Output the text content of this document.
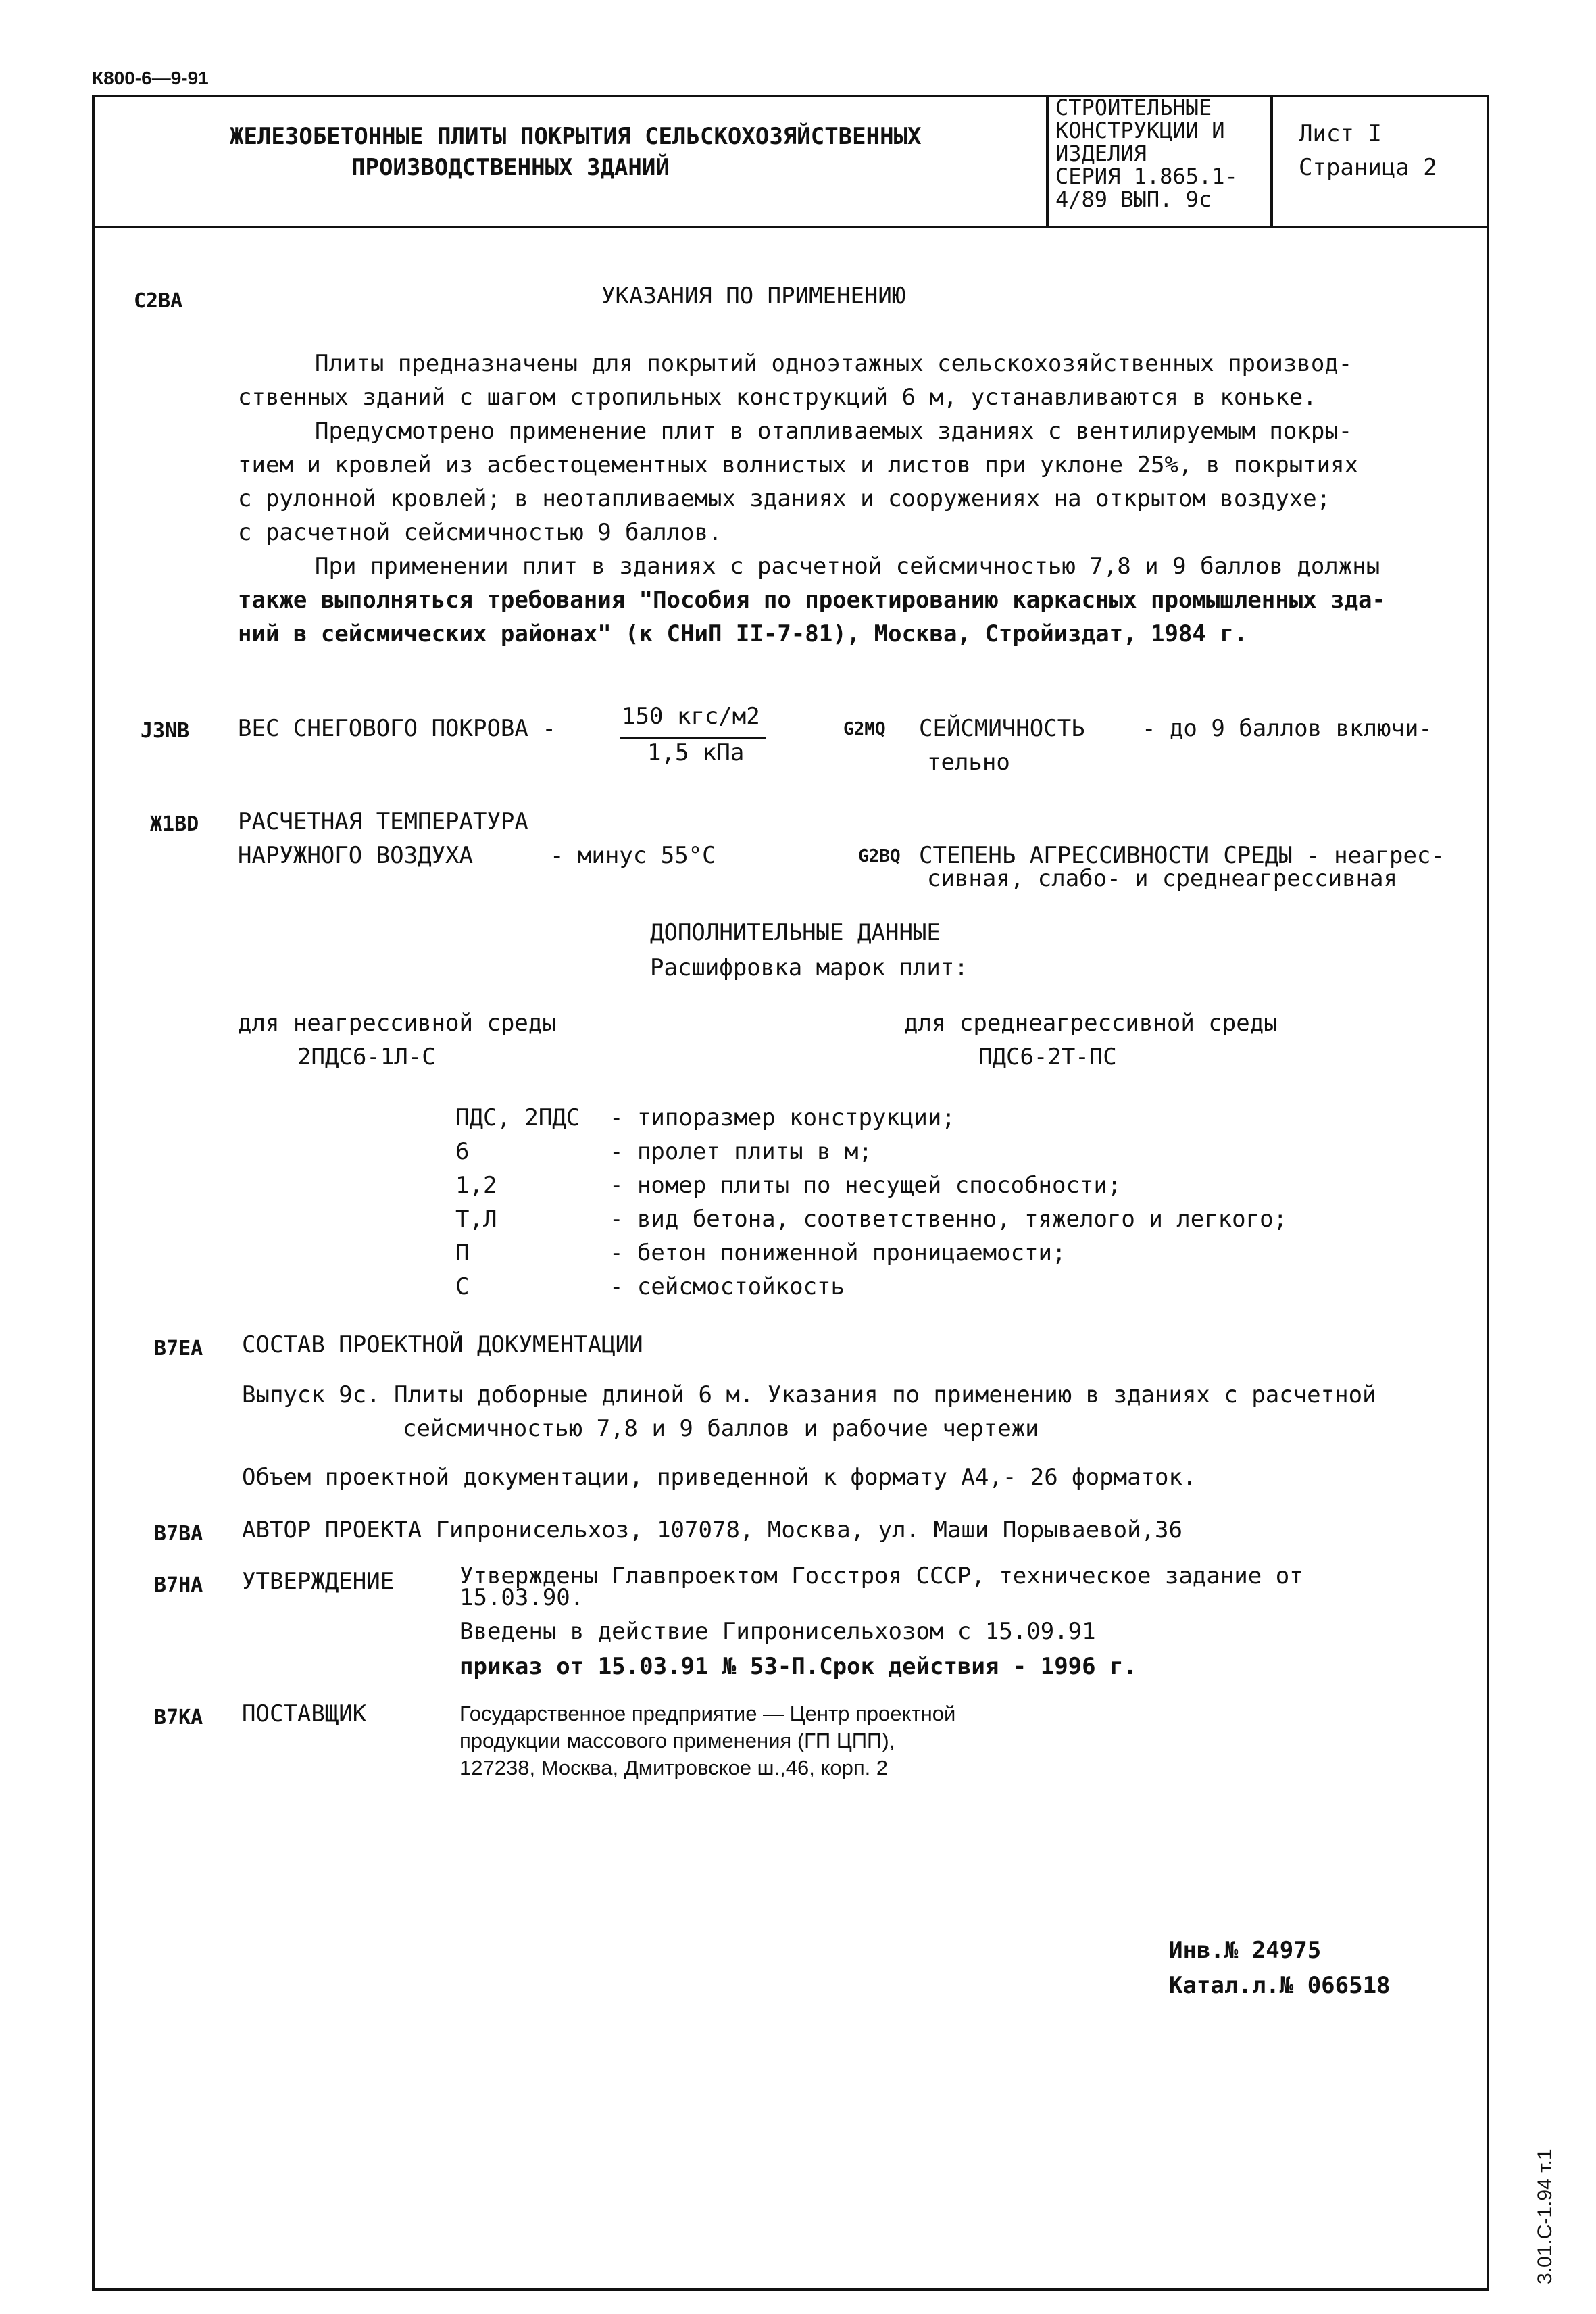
К800-6—9-91
ЖЕЛЕЗОБЕТОННЫЕ ПЛИТЫ ПОКРЫТИЯ СЕЛЬСКОХОЗЯЙСТВЕННЫХ
ПРОИЗВОДСТВЕННЫХ ЗДАНИЙ
СТРОИТЕЛЬНЫЕ
КОНСТРУКЦИИ И
ИЗДЕЛИЯ
СЕРИЯ 1.865.1-
4/89 ВЫП. 9с
Лист I
Страница 2
С2ВА	УКАЗАНИЯ ПО ПРИМЕНЕНИЮ
Плиты предназначены для покрытий одноэтажных сельскохозяйственных производ-
ственных зданий с шагом стропильных конструкций 6 м, устанавливаются в коньке.
Предусмотрено применение плит в отапливаемых зданиях с вентилируемым покры-
тием и кровлей из асбестоцементных волнистых и листов при уклоне 25%, в покрытиях
с рулонной кровлей; в неотапливаемых зданиях и сооружениях на открытом воздухе;
с расчетной сейсмичностью 9 баллов.
При применении плит в зданиях с расчетной сейсмичностью 7,8 и 9 баллов должны
также выполняться требования "Пособия по проектированию каркасных промышленных зда-
ний в сейсмических районах" (к СНиП II-7-81), Москва, Стройиздат, 1984 г.
J3NB ВЕС СНЕГОВОГО ПОКРОВА -	150 кгс/м2
1,5 кПа
G2MQ СЕЙСМИЧНОСТЬ - до 9 баллов включи-
тельно
Ж1ВD РАСЧЕТНАЯ ТЕМПЕРАТУРА
НАРУЖНОГО ВОЗДУХА	- минус 55°С	G2BQ СТЕПЕНЬ АГРЕССИВНОСТИ СРЕДЫ - неагрес-
сивная, слабо- и среднеагрессивная
ДОПОЛНИТЕЛЬНЫЕ ДАННЫЕ
Расшифровка марок плит:
для неагрессивной среды
2ПДС6-1Л-С
для среднеагрессивной среды
ПДС6-2Т-ПС
ПДС, 2ПДС - типоразмер конструкции;
6	- пролет плиты в м;
1,2	- номер плиты по несущей способности;
Т,Л	- вид бетона, соответственно, тяжелого и легкого;
П	- бетон пониженной проницаемости;
С	- сейсмостойкость
В7ЕА СОСТАВ ПРОЕКТНОЙ ДОКУМЕНТАЦИИ
Выпуск 9с. Плиты доборные длиной 6 м. Указания по применению в зданиях с расчетной
сейсмичностью 7,8 и 9 баллов и рабочие чертежи
Объем проектной документации, приведенной к формату А4,- 26 форматок.
В7ВА АВТОР ПРОЕКТА Гипронисельхоз, 107078, Москва, ул. Маши Порываевой,36
В7НА УТВЕРЖДЕНИЕ	Утверждены Главпроектом Госстроя СССР, техническое задание от
15.03.90.
Введены в действие Гипронисельхозом с 15.09.91
приказ от 15.03.91 № 53-П.Срок действия - 1996 г.
В7КА ПОСТАВЩИК	Государственное предприятие — Центр проектной
продукции массового применения (ГП ЦПП),
127238, Москва, Дмитровское ш.,46, корп. 2
Инв.№ 24975
Катал.л.№ 066518
3.01.С-1.94 т.1
